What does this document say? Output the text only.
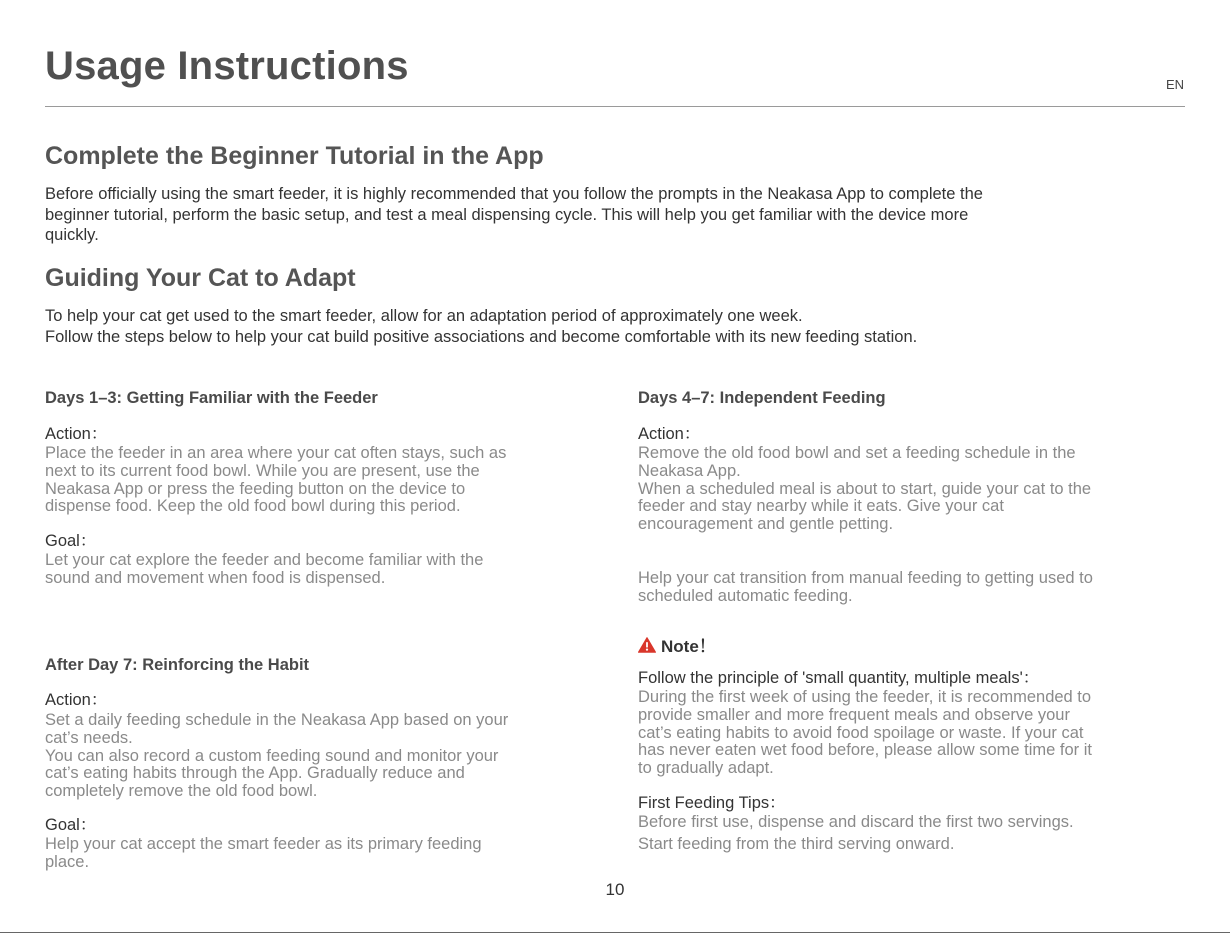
Usage Instructions	EN
Complete the Beginner Tutorial in the App
Before officially using the smart feeder, it is highly recommended that you follow the prompts in the Neakasa App to complete the
beginner tutorial, perform the basic setup, and test a meal dispensing cycle. This will help you get familiar with the device more
quickly.
Guiding Your Cat to Adapt
To help your cat get used to the smart feeder, allow for an adaptation period of approximately one week.
Follow the steps below to help your cat build positive associations and become comfortable with its new feeding station.
Days 1–3: Getting Familiar with the Feeder
Action：
Place the feeder in an area where your cat often stays, such as
next to its current food bowl. While you are present, use the
Neakasa App or press the feeding button on the device to
dispense food. Keep the old food bowl during this period.
Goal：
Let your cat explore the feeder and become familiar with the
sound and movement when food is dispensed.
After Day 7: Reinforcing the Habit
Action：
Set a daily feeding schedule in the Neakasa App based on your
cat’s needs.
You can also record a custom feeding sound and monitor your
cat’s eating habits through the App. Gradually reduce and
completely remove the old food bowl.
Goal：
Help your cat accept the smart feeder as its primary feeding
place.
Days 4–7: Independent Feeding
Action：
Remove the old food bowl and set a feeding schedule in the
Neakasa App.
When a scheduled meal is about to start, guide your cat to the
feeder and stay nearby while it eats. Give your cat
encouragement and gentle petting.
Help your cat transition from manual feeding to getting used to
scheduled automatic feeding.
Note！
Follow the principle of 'small quantity, multiple meals'：
During the first week of using the feeder, it is recommended to
provide smaller and more frequent meals and observe your
cat’s eating habits to avoid food spoilage or waste. If your cat
has never eaten wet food before, please allow some time for it
to gradually adapt.
First Feeding Tips：
Before first use, dispense and discard the first two servings.
Start feeding from the third serving onward.
10
